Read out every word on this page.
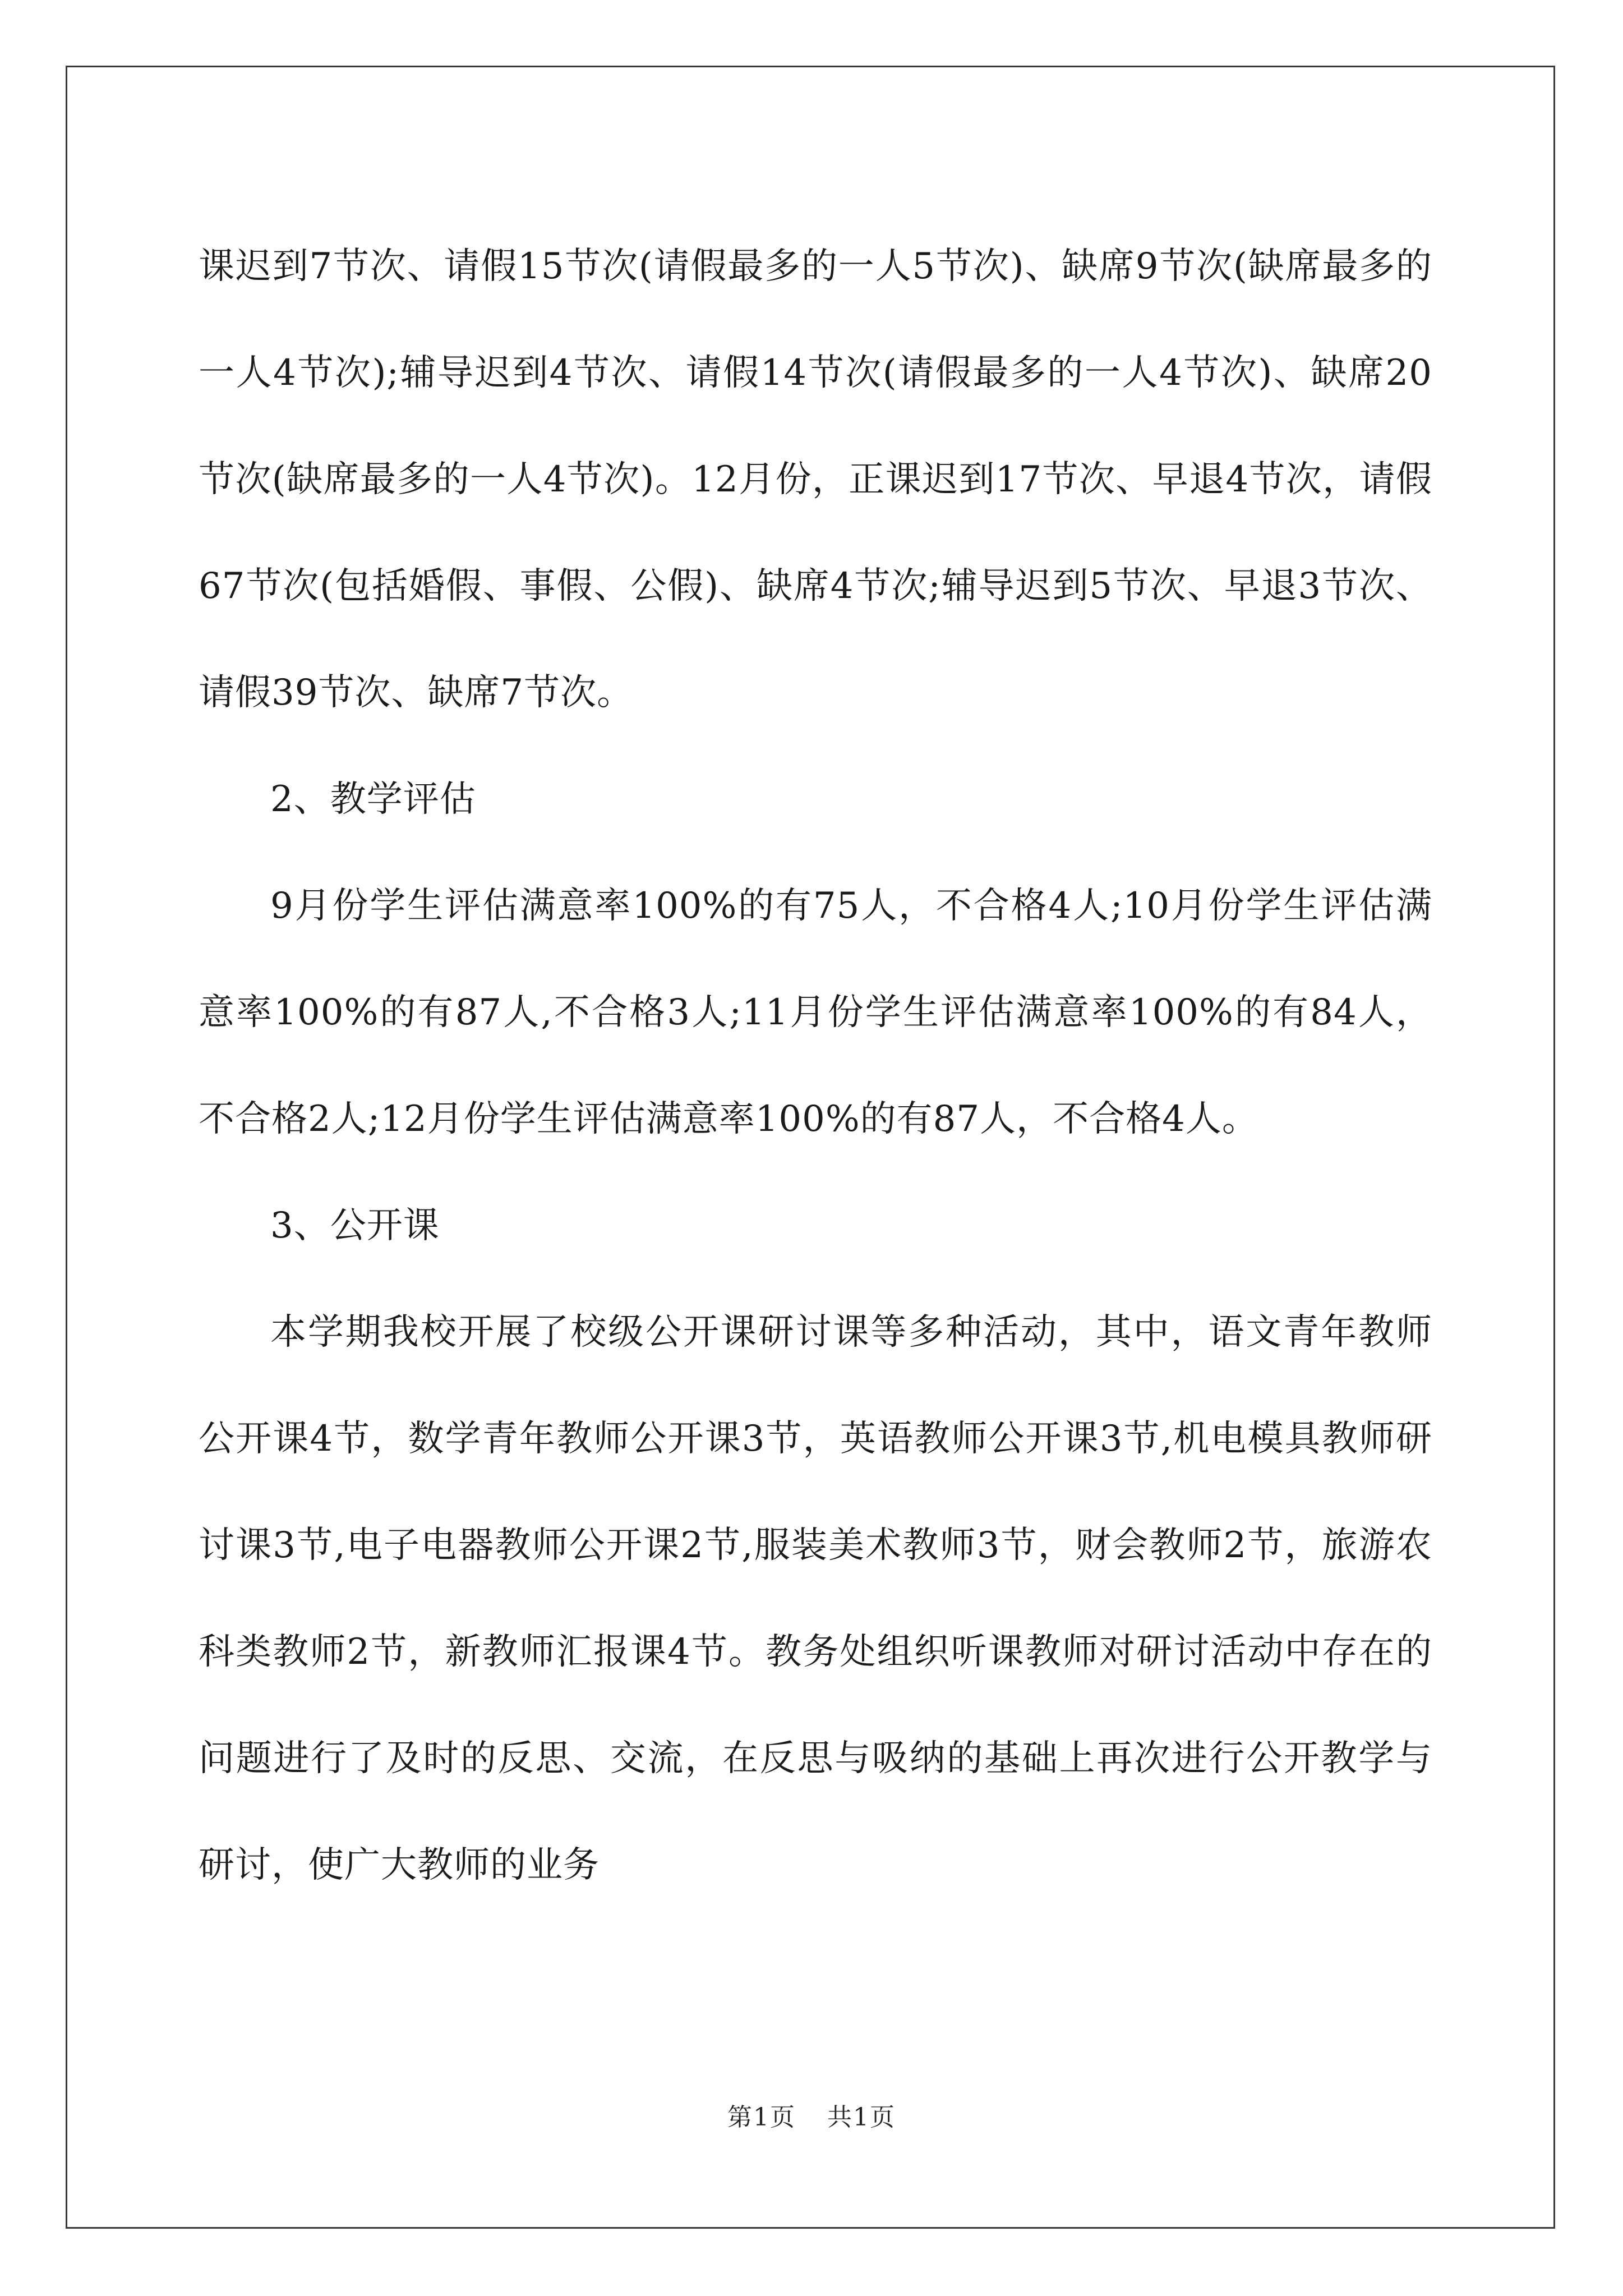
课迟到7节次、请假15节次(请假最多的一人5节次)、缺席9节次(缺席最多的一人4节次);辅导迟到4节次、请假14节次(请假最多的一人4节次)、缺席20节次(缺席最多的一人4节次)。12月份，正课迟到17节次、早退4节次，请假67节次(包括婚假、事假、公假)、缺席4节次;辅导迟到5节次、早退3节次、请假39节次、缺席7节次。

2、教学评估

9月份学生评估满意率100%的有75人，不合格4人;10月份学生评估满意率100%的有87人,不合格3人;11月份学生评估满意率100%的有84人，不合格2人;12月份学生评估满意率100%的有87人，不合格4人。

3、公开课

本学期我校开展了校级公开课研讨课等多种活动，其中，语文青年教师公开课4节，数学青年教师公开课3节，英语教师公开课3节,机电模具教师研讨课3节,电子电器教师公开课2节,服装美术教师3节，财会教师2节，旅游农科类教师2节，新教师汇报课4节。教务处组织听课教师对研讨活动中存在的问题进行了及时的反思、交流，在反思与吸纳的基础上再次进行公开教学与研讨，使广大教师的业务

第1页 共1页
